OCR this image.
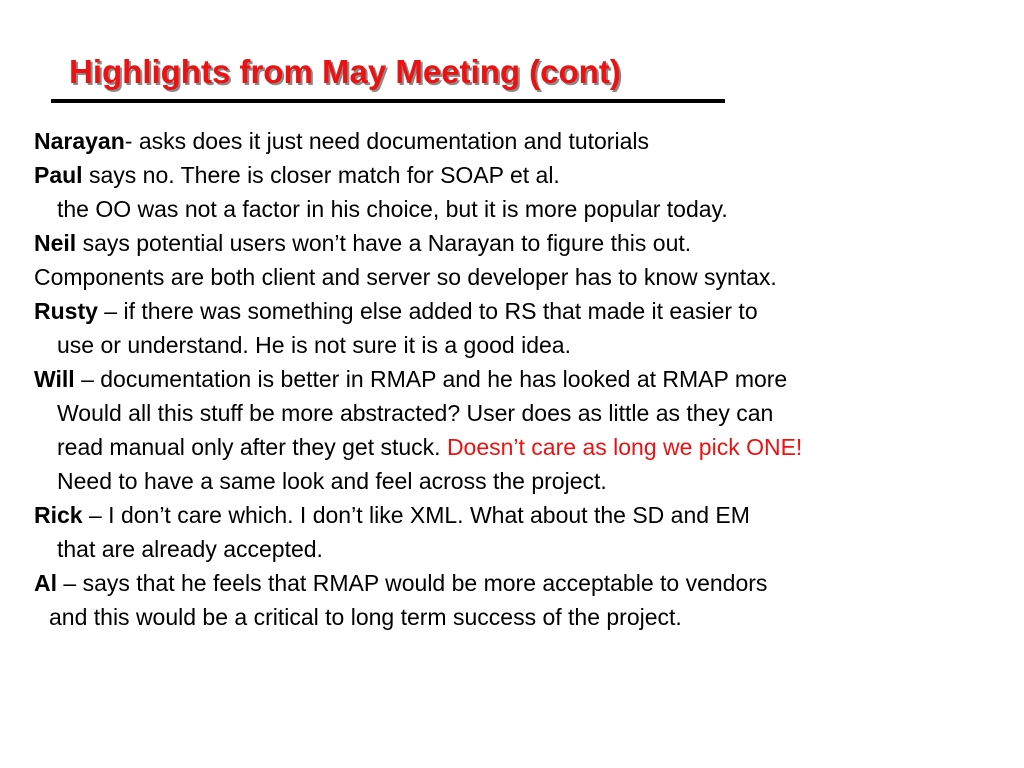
Highlights from May Meeting (cont)
Narayan- asks does it just need documentation and tutorials
Paul says no. There is closer match for SOAP et al.
the OO was not a factor in his choice, but it is more popular today.
Neil says potential users won’t have a Narayan to figure this out.
Components are both client and server so developer has to know syntax.
Rusty – if there was something else added to RS that made it easier to
use or understand. He is not sure it is a good idea.
Will – documentation is better in RMAP and he has looked at RMAP more
Would all this stuff be more abstracted? User does as little as they can
read manual only after they get stuck. Doesn’t care as long we pick ONE!
Need to have a same look and feel across the project.
Rick – I don’t care which. I don’t like XML. What about the SD and EM
that are already accepted.
Al – says that he feels that RMAP would be more acceptable to vendors
and this would be a critical to long term success of the project.
